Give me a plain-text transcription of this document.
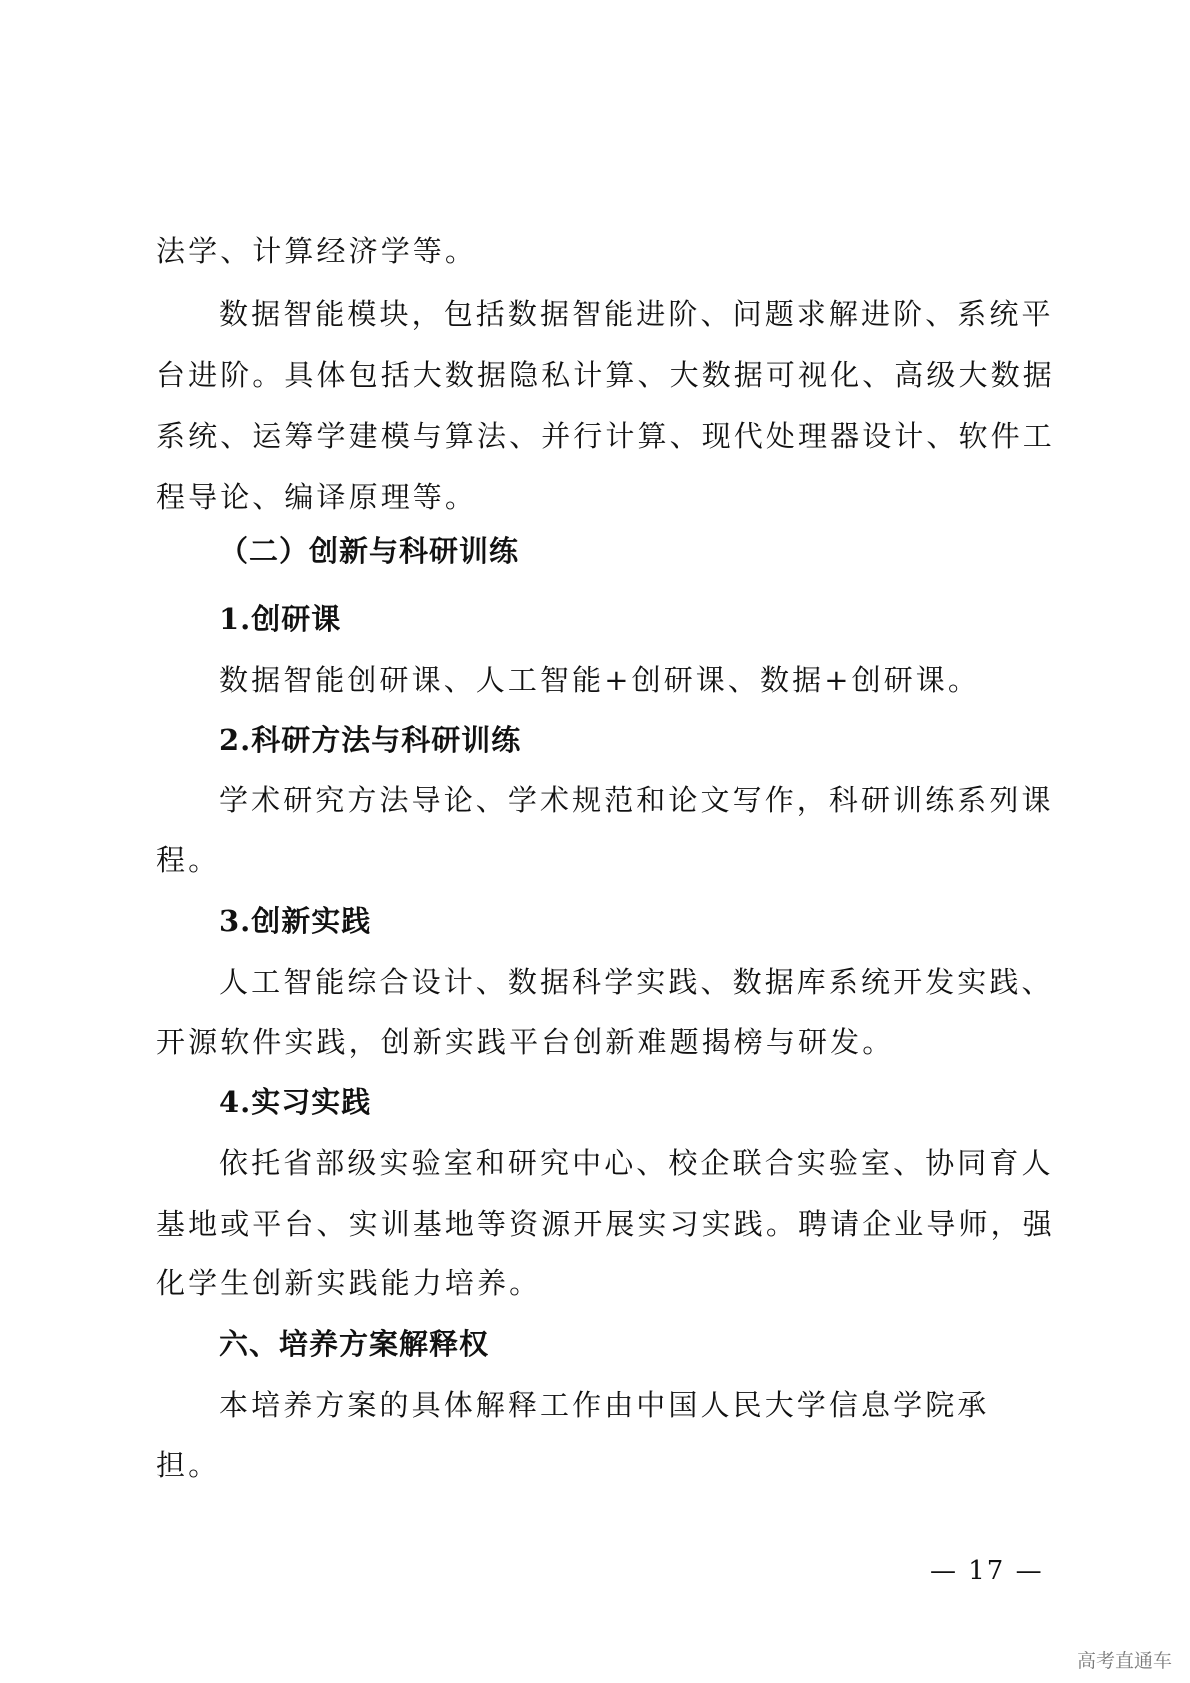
法学、计算经济学等。

数据智能模块，包括数据智能进阶、问题求解进阶、系统平

台进阶。具体包括大数据隐私计算、大数据可视化、高级大数据

系统、运筹学建模与算法、并行计算、现代处理器设计、软件工

程导论、编译原理等。

（二）创新与科研训练

1.创研课

数据智能创研课、人工智能+创研课、数据+创研课。

2.科研方法与科研训练

学术研究方法导论、学术规范和论文写作，科研训练系列课

程。

3.创新实践

人工智能综合设计、数据科学实践、数据库系统开发实践、

开源软件实践，创新实践平台创新难题揭榜与研发。

4.实习实践

依托省部级实验室和研究中心、校企联合实验室、协同育人

基地或平台、实训基地等资源开展实习实践。聘请企业导师，强

化学生创新实践能力培养。

六、培养方案解释权

本培养方案的具体解释工作由中国人民大学信息学院承

担。

— 17 —
高考直通车
